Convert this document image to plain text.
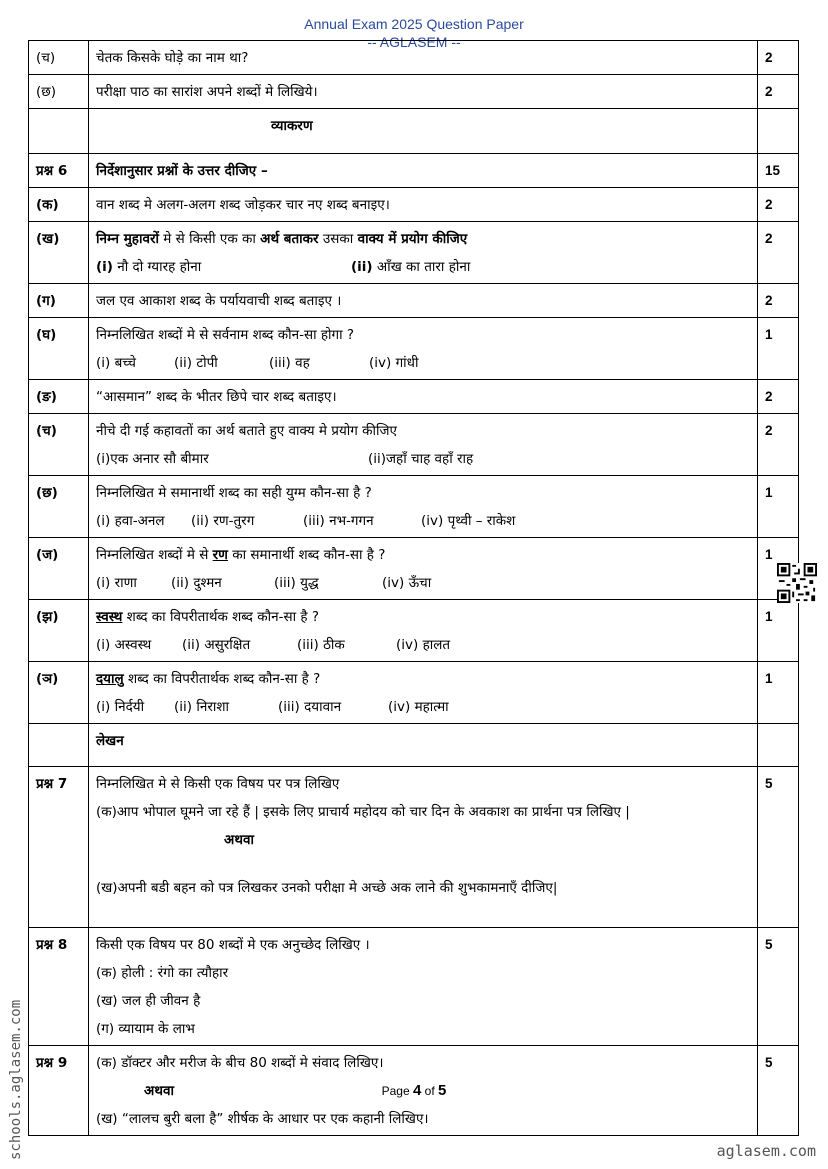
Annual Exam 2025 Question Paper
-- AGLASEM --
(च)	चेतक किसके घोड़े का नाम था?	2
(छ)	परीक्षा पाठ का सारांश अपने शब्दों मे लिखिये।	2
	व्याकरण	
प्रश्न 6	निर्देशानुसार प्रश्नों के उत्तर दीजिए –	15
(क)	वान शब्द मे अलग-अलग शब्द जोड़कर चार नए शब्द बनाइए।	2
(ख)	निम्न मुहावरों मे से किसी एक का अर्थ बताकर उसका वाक्य में प्रयोग कीजिए
(i) नौ दो ग्यारह होना (ii) आँख का तारा होना	2
(ग)	जल एव आकाश शब्द के पर्यायवाची शब्द बताइए ।	2
(घ)	निम्नलिखित शब्दों मे से सर्वनाम शब्द कौन-सा होगा ?
(i) बच्चे (ii) टोपी (iii) वह (iv) गांधी	1
(ङ)	“आसमान” शब्द के भीतर छिपे चार शब्द बताइए।	2
(च)	नीचे दी गई कहावतों का अर्थ बताते हुए वाक्य मे प्रयोग कीजिए
(i)एक अनार सौ बीमार (ii)जहाँ चाह वहाँ राह	2
(छ)	निम्नलिखित मे समानार्थी शब्द का सही युग्म कौन-सा है ?
(i) हवा-अनल (ii) रण-तुरग (iii) नभ-गगन (iv) पृथ्वी – राकेश	1
(ज)	निम्नलिखित शब्दों मे से रण का समानार्थी शब्द कौन-सा है ?
(i) राणा (ii) दुश्मन (iii) युद्ध (iv) ऊँचा	1
(झ)	स्वस्थ शब्द का विपरीतार्थक शब्द कौन-सा है ?
(i) अस्वस्थ (ii) असुरक्षित (iii) ठीक (iv) हालत	1
(ञ)	दयालु शब्द का विपरीतार्थक शब्द कौन-सा है ?
(i) निर्दयी (ii) निराशा (iii) दयावान (iv) महात्मा	1
	लेखन	
प्रश्न 7	निम्नलिखित मे से किसी एक विषय पर पत्र लिखिए
(क)आप भोपाल घूमने जा रहे हैं | इसके लिए प्राचार्य महोदय को चार दिन के अवकाश का प्रार्थना पत्र लिखिए |
अथवा
(ख)अपनी बडी बहन को पत्र लिखकर उनको परीक्षा मे अच्छे अक लाने की शुभकामनाएँ दीजिए|	5
प्रश्न 8	किसी एक विषय पर 80 शब्दों मे एक अनुच्छेद लिखिए ।
(क) होली : रंगो का त्यौहार
(ख) जल ही जीवन है
(ग) व्यायाम के लाभ	5
प्रश्न 9	(क) डॉक्टर और मरीज के बीच 80 शब्दों मे संवाद लिखिए।
अथवा
(ख) “लालच बुरी बला है” शीर्षक के आधार पर एक कहानी लिखिए।	5
Page 4 of 5
schools.aglasem.com	aglasem.com
